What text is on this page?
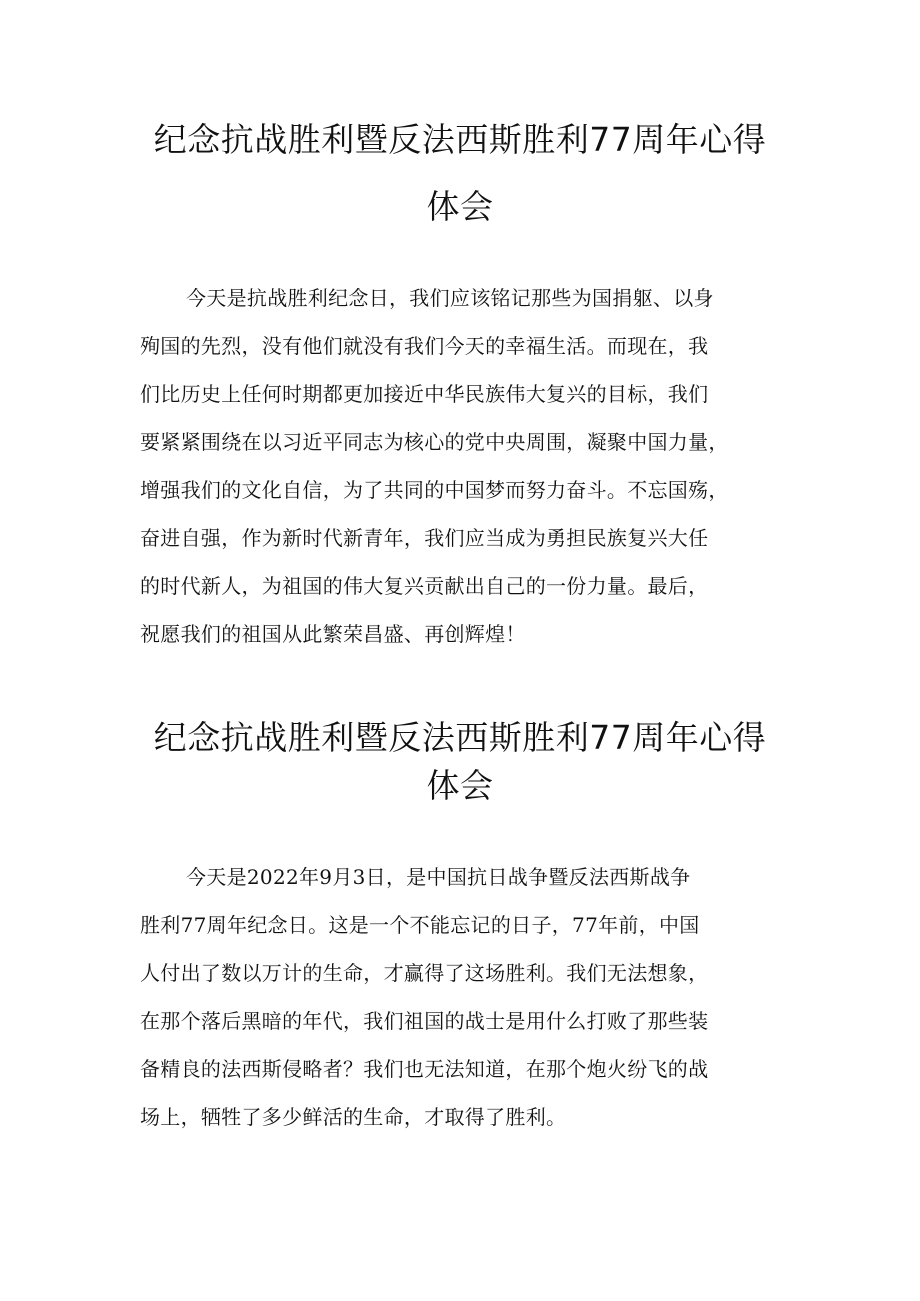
纪念抗战胜利暨反法西斯胜利77周年心得
体会
今天是抗战胜利纪念日，我们应该铭记那些为国捐躯、以身
殉国的先烈，没有他们就没有我们今天的幸福生活。而现在，我
们比历史上任何时期都更加接近中华民族伟大复兴的目标，我们
要紧紧围绕在以习近平同志为核心的党中央周围，凝聚中国力量，
增强我们的文化自信，为了共同的中国梦而努力奋斗。不忘国殇，
奋进自强，作为新时代新青年，我们应当成为勇担民族复兴大任
的时代新人，为祖国的伟大复兴贡献出自己的一份力量。最后，
祝愿我们的祖国从此繁荣昌盛、再创辉煌！
纪念抗战胜利暨反法西斯胜利77周年心得
体会
今天是2022年9月3日，是中国抗日战争暨反法西斯战争
胜利77周年纪念日。这是一个不能忘记的日子，77年前，中国
人付出了数以万计的生命，才赢得了这场胜利。我们无法想象，
在那个落后黑暗的年代，我们祖国的战士是用什么打败了那些装
备精良的法西斯侵略者？我们也无法知道，在那个炮火纷飞的战
场上，牺牲了多少鲜活的生命，才取得了胜利。
